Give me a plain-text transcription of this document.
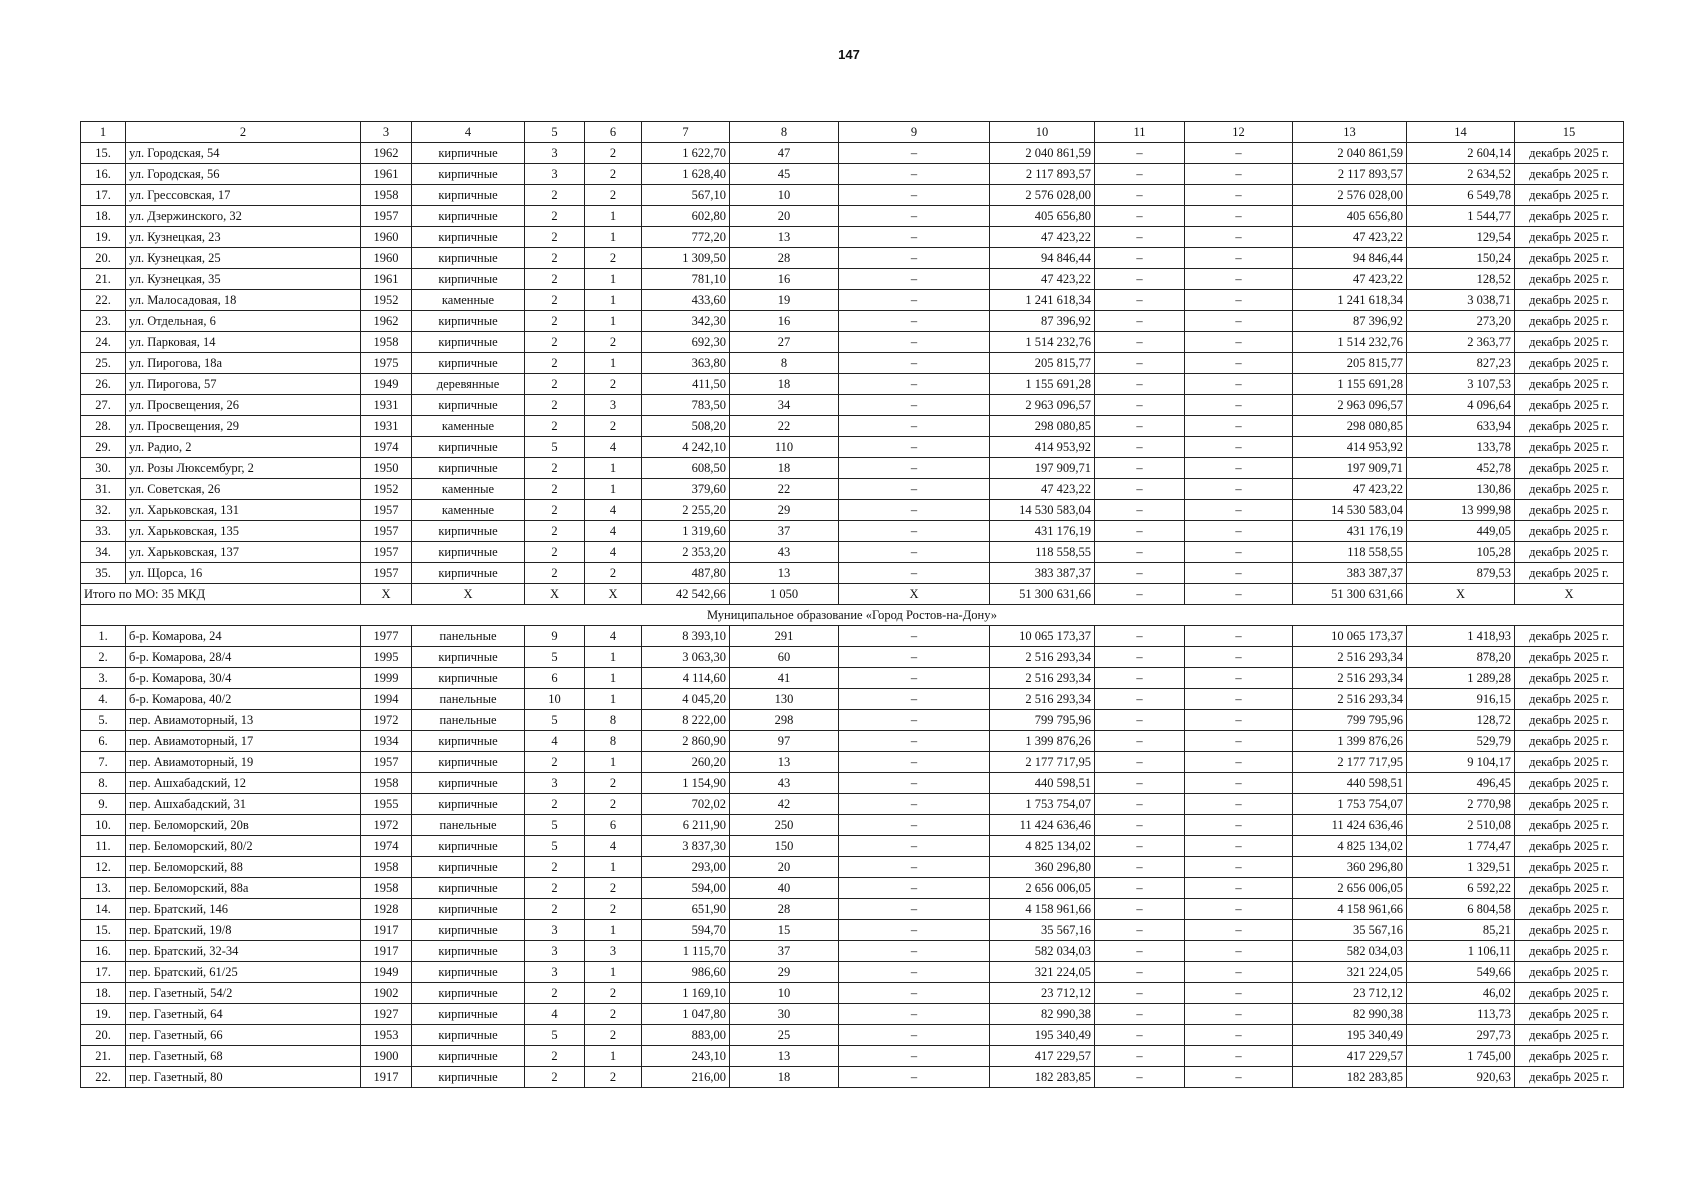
147
1	2	3	4	5	6	7	8	9	10	11	12	13	14	15
15.	ул. Городская, 54	1962	кирпичные	3	2	1 622,70	47	–	2 040 861,59	–	–	2 040 861,59	2 604,14	декабрь 2025 г.
16.	ул. Городская, 56	1961	кирпичные	3	2	1 628,40	45	–	2 117 893,57	–	–	2 117 893,57	2 634,52	декабрь 2025 г.
17.	ул. Грессовская, 17	1958	кирпичные	2	2	567,10	10	–	2 576 028,00	–	–	2 576 028,00	6 549,78	декабрь 2025 г.
18.	ул. Дзержинского, 32	1957	кирпичные	2	1	602,80	20	–	405 656,80	–	–	405 656,80	1 544,77	декабрь 2025 г.
19.	ул. Кузнецкая, 23	1960	кирпичные	2	1	772,20	13	–	47 423,22	–	–	47 423,22	129,54	декабрь 2025 г.
20.	ул. Кузнецкая, 25	1960	кирпичные	2	2	1 309,50	28	–	94 846,44	–	–	94 846,44	150,24	декабрь 2025 г.
21.	ул. Кузнецкая, 35	1961	кирпичные	2	1	781,10	16	–	47 423,22	–	–	47 423,22	128,52	декабрь 2025 г.
22.	ул. Малосадовая, 18	1952	каменные	2	1	433,60	19	–	1 241 618,34	–	–	1 241 618,34	3 038,71	декабрь 2025 г.
23.	ул. Отдельная, 6	1962	кирпичные	2	1	342,30	16	–	87 396,92	–	–	87 396,92	273,20	декабрь 2025 г.
24.	ул. Парковая, 14	1958	кирпичные	2	2	692,30	27	–	1 514 232,76	–	–	1 514 232,76	2 363,77	декабрь 2025 г.
25.	ул. Пирогова, 18а	1975	кирпичные	2	1	363,80	8	–	205 815,77	–	–	205 815,77	827,23	декабрь 2025 г.
26.	ул. Пирогова, 57	1949	деревянные	2	2	411,50	18	–	1 155 691,28	–	–	1 155 691,28	3 107,53	декабрь 2025 г.
27.	ул. Просвещения, 26	1931	кирпичные	2	3	783,50	34	–	2 963 096,57	–	–	2 963 096,57	4 096,64	декабрь 2025 г.
28.	ул. Просвещения, 29	1931	каменные	2	2	508,20	22	–	298 080,85	–	–	298 080,85	633,94	декабрь 2025 г.
29.	ул. Радио, 2	1974	кирпичные	5	4	4 242,10	110	–	414 953,92	–	–	414 953,92	133,78	декабрь 2025 г.
30.	ул. Розы Люксембург, 2	1950	кирпичные	2	1	608,50	18	–	197 909,71	–	–	197 909,71	452,78	декабрь 2025 г.
31.	ул. Советская, 26	1952	каменные	2	1	379,60	22	–	47 423,22	–	–	47 423,22	130,86	декабрь 2025 г.
32.	ул. Харьковская, 131	1957	каменные	2	4	2 255,20	29	–	14 530 583,04	–	–	14 530 583,04	13 999,98	декабрь 2025 г.
33.	ул. Харьковская, 135	1957	кирпичные	2	4	1 319,60	37	–	431 176,19	–	–	431 176,19	449,05	декабрь 2025 г.
34.	ул. Харьковская, 137	1957	кирпичные	2	4	2 353,20	43	–	118 558,55	–	–	118 558,55	105,28	декабрь 2025 г.
35.	ул. Щорса, 16	1957	кирпичные	2	2	487,80	13	–	383 387,37	–	–	383 387,37	879,53	декабрь 2025 г.
Итого по МО: 35 МКД		X	X	X	X	42 542,66	1 050	X	51 300 631,66	–	–	51 300 631,66	X	X
Муниципальное образование «Город Ростов-на-Дону»														
1.	б-р. Комарова, 24	1977	панельные	9	4	8 393,10	291	–	10 065 173,37	–	–	10 065 173,37	1 418,93	декабрь 2025 г.
2.	б-р. Комарова, 28/4	1995	кирпичные	5	1	3 063,30	60	–	2 516 293,34	–	–	2 516 293,34	878,20	декабрь 2025 г.
3.	б-р. Комарова, 30/4	1999	кирпичные	6	1	4 114,60	41	–	2 516 293,34	–	–	2 516 293,34	1 289,28	декабрь 2025 г.
4.	б-р. Комарова, 40/2	1994	панельные	10	1	4 045,20	130	–	2 516 293,34	–	–	2 516 293,34	916,15	декабрь 2025 г.
5.	пер. Авиамоторный, 13	1972	панельные	5	8	8 222,00	298	–	799 795,96	–	–	799 795,96	128,72	декабрь 2025 г.
6.	пер. Авиамоторный, 17	1934	кирпичные	4	8	2 860,90	97	–	1 399 876,26	–	–	1 399 876,26	529,79	декабрь 2025 г.
7.	пер. Авиамоторный, 19	1957	кирпичные	2	1	260,20	13	–	2 177 717,95	–	–	2 177 717,95	9 104,17	декабрь 2025 г.
8.	пер. Ашхабадский, 12	1958	кирпичные	3	2	1 154,90	43	–	440 598,51	–	–	440 598,51	496,45	декабрь 2025 г.
9.	пер. Ашхабадский, 31	1955	кирпичные	2	2	702,02	42	–	1 753 754,07	–	–	1 753 754,07	2 770,98	декабрь 2025 г.
10.	пер. Беломорский, 20в	1972	панельные	5	6	6 211,90	250	–	11 424 636,46	–	–	11 424 636,46	2 510,08	декабрь 2025 г.
11.	пер. Беломорский, 80/2	1974	кирпичные	5	4	3 837,30	150	–	4 825 134,02	–	–	4 825 134,02	1 774,47	декабрь 2025 г.
12.	пер. Беломорский, 88	1958	кирпичные	2	1	293,00	20	–	360 296,80	–	–	360 296,80	1 329,51	декабрь 2025 г.
13.	пер. Беломорский, 88а	1958	кирпичные	2	2	594,00	40	–	2 656 006,05	–	–	2 656 006,05	6 592,22	декабрь 2025 г.
14.	пер. Братский, 146	1928	кирпичные	2	2	651,90	28	–	4 158 961,66	–	–	4 158 961,66	6 804,58	декабрь 2025 г.
15.	пер. Братский, 19/8	1917	кирпичные	3	1	594,70	15	–	35 567,16	–	–	35 567,16	85,21	декабрь 2025 г.
16.	пер. Братский, 32-34	1917	кирпичные	3	3	1 115,70	37	–	582 034,03	–	–	582 034,03	1 106,11	декабрь 2025 г.
17.	пер. Братский, 61/25	1949	кирпичные	3	1	986,60	29	–	321 224,05	–	–	321 224,05	549,66	декабрь 2025 г.
18.	пер. Газетный, 54/2	1902	кирпичные	2	2	1 169,10	10	–	23 712,12	–	–	23 712,12	46,02	декабрь 2025 г.
19.	пер. Газетный, 64	1927	кирпичные	4	2	1 047,80	30	–	82 990,38	–	–	82 990,38	113,73	декабрь 2025 г.
20.	пер. Газетный, 66	1953	кирпичные	5	2	883,00	25	–	195 340,49	–	–	195 340,49	297,73	декабрь 2025 г.
21.	пер. Газетный, 68	1900	кирпичные	2	1	243,10	13	–	417 229,57	–	–	417 229,57	1 745,00	декабрь 2025 г.
22.	пер. Газетный, 80	1917	кирпичные	2	2	216,00	18	–	182 283,85	–	–	182 283,85	920,63	декабрь 2025 г.
